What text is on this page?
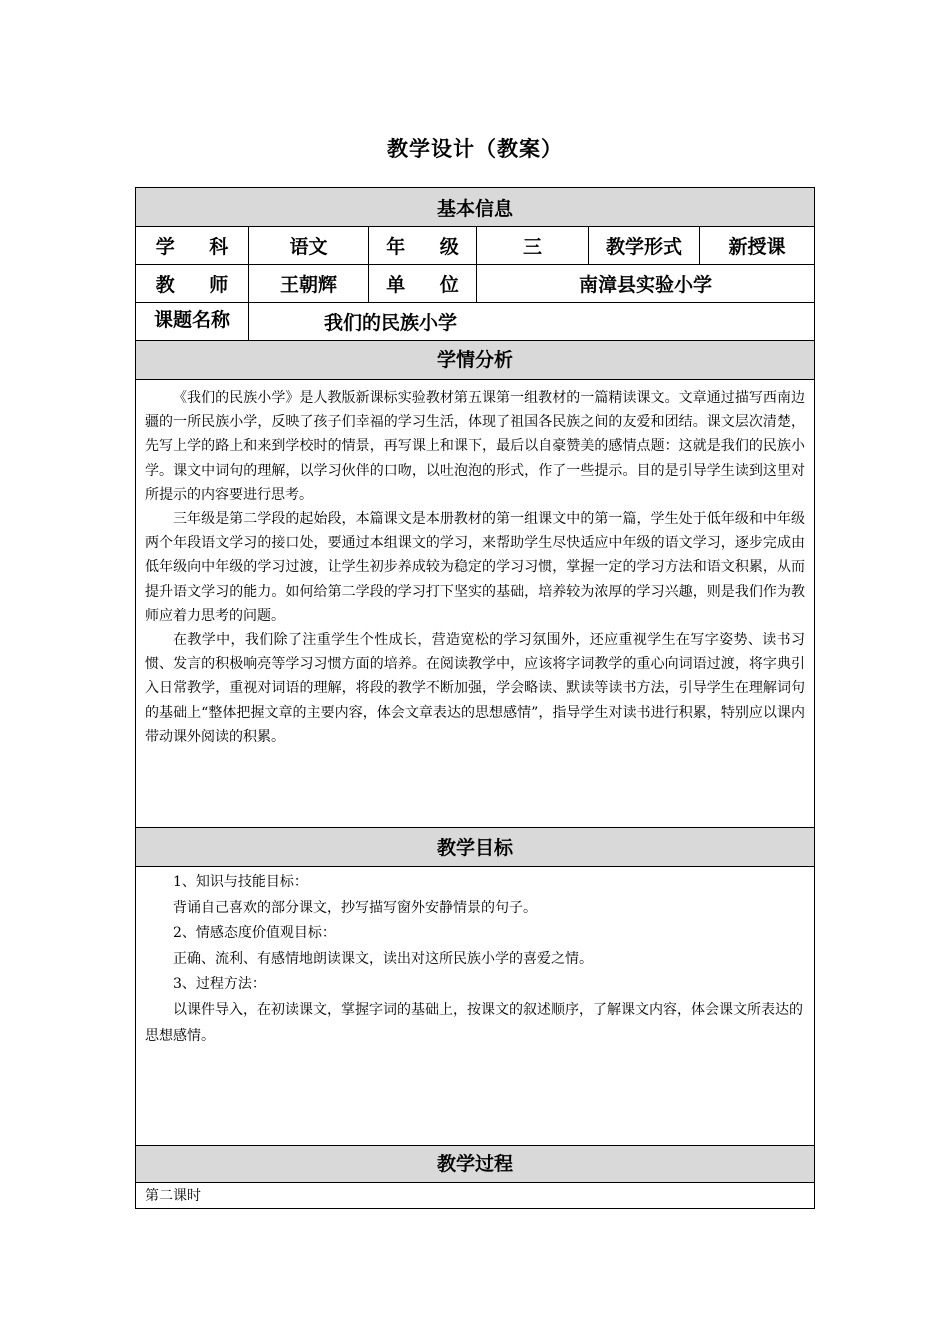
教学设计（教案）
基本信息
学 科	语文	年 级	三	教学形式	新授课
教 师	王朝辉	单 位	南漳县实验小学
课题名称	我们的民族小学
学情分析

《我们的民族小学》是人教版新课标实验教材第五课第一组教材的一篇精读课文。文章通过描写西南边疆的一所民族小学，反映了孩子们幸福的学习生活，体现了祖国各民族之间的友爱和团结。课文层次清楚，先写上学的路上和来到学校时的情景，再写课上和课下，最后以自豪赞美的感情点题：这就是我们的民族小学。课文中词句的理解，以学习伙伴的口吻，以吐泡泡的形式，作了一些提示。目的是引导学生读到这里对所提示的内容要进行思考。

三年级是第二学段的起始段，本篇课文是本册教材的第一组课文中的第一篇，学生处于低年级和中年级两个年段语文学习的接口处，要通过本组课文的学习，来帮助学生尽快适应中年级的语文学习，逐步完成由低年级向中年级的学习过渡，让学生初步养成较为稳定的学习习惯，掌握一定的学习方法和语文积累，从而提升语文学习的能力。如何给第二学段的学习打下坚实的基础，培养较为浓厚的学习兴趣，则是我们作为教师应着力思考的问题。

在教学中，我们除了注重学生个性成长，营造宽松的学习氛围外，还应重视学生在写字姿势、读书习惯、发言的积极响亮等学习习惯方面的培养。在阅读教学中，应该将字词教学的重心向词语过渡，将字典引入日常教学，重视对词语的理解，将段的教学不断加强，学会略读、默读等读书方法，引导学生在理解词句的基础上“整体把握文章的主要内容，体会文章表达的思想感情”，指导学生对读书进行积累，特别应以课内带动课外阅读的积累。

教学目标

1、知识与技能目标：

背诵自己喜欢的部分课文，抄写描写窗外安静情景的句子。

2、情感态度价值观目标：

正确、流利、有感情地朗读课文，读出对这所民族小学的喜爱之情。

3、过程方法：

以课件导入，在初读课文，掌握字词的基础上，按课文的叙述顺序，了解课文内容，体会课文所表达的思想感情。

教学过程
第二课时
